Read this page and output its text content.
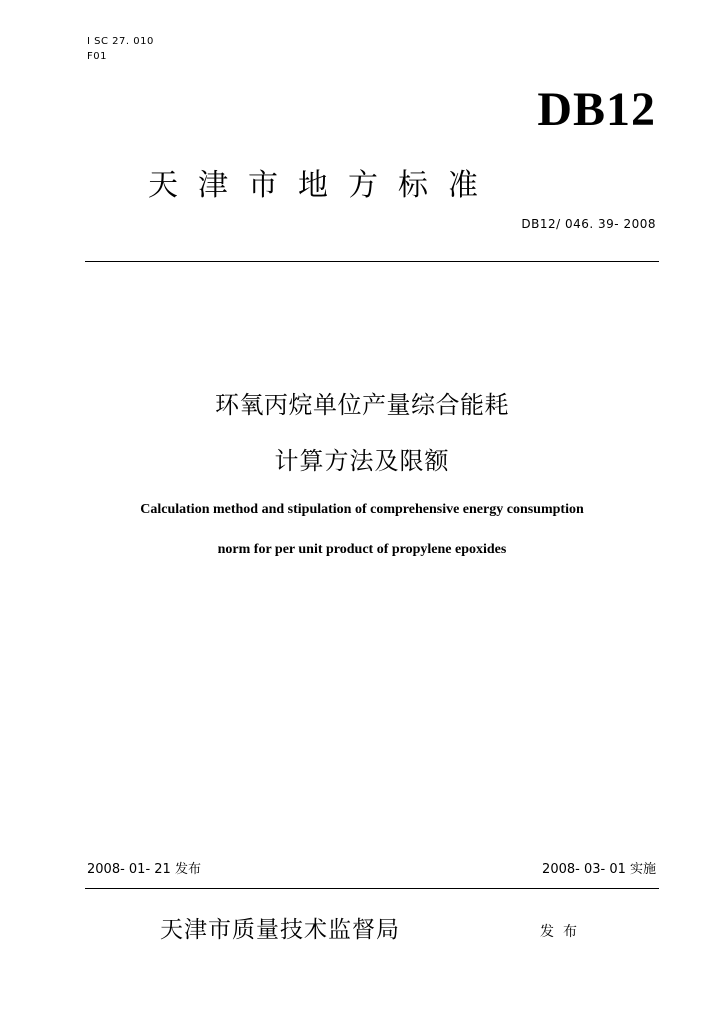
I SC 27. 010
F01
DB12
天津市地方标准
DB12/ 046. 39- 2008
环氧丙烷单位产量综合能耗
计算方法及限额
Calculation method and stipulation of comprehensive energy consumption
norm for per unit product of propylene epoxides
2008- 01- 21 发布	2008- 03- 01 实施
天津市质量技术监督局	发布
